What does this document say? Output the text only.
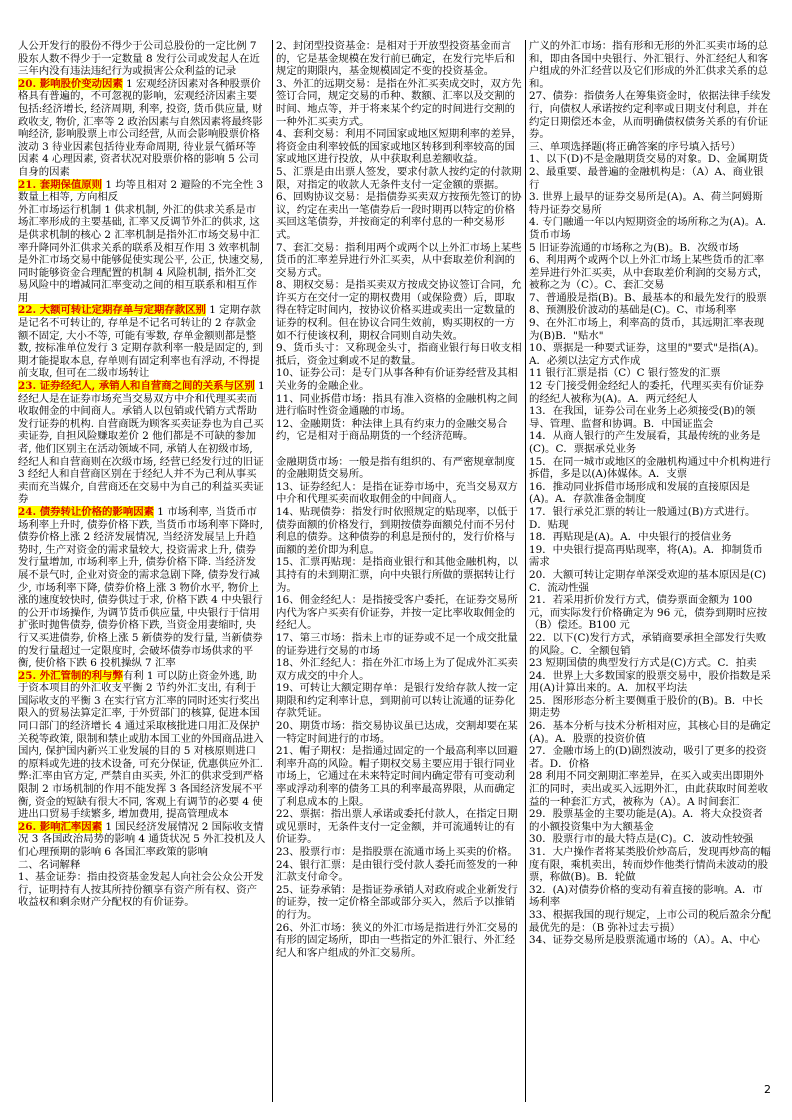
人公开发行的股份不得少于公司总股份的一定比例 7 股东人数不得少于一定数量 8 发行公司或发起人在近三年内没有违法违纪行为或损害公众利益的记录

20. 影响股价变动因素 1 宏观经济因素对各种股票价格具有普遍的，不可忽视的影响，宏观经济因素主要包括:经济增长, 经济周期, 利率, 投资, 货币供应量, 财政收支, 物价, 汇率等 2 政治因素与自然因素将最终影响经济, 影响股票上市公司经营, 从而会影响股票价格波动 3 待业因素包括待业寿命周期, 待业景气循环等因素 4 心理因素, 资者状况对股票价格的影响 5 公司自身的因素

21. 套期保值原则 1 均等且相对 2 避险的不完全性 3 数量上相等, 方向相反

外汇市场运行机制 1 供求机制, 外汇的供求关系是市场汇率形成的主要基础, 汇率又反调节外汇的供求, 这是供求机制的核心 2 汇率机制是指外汇市场交易中汇率升降同外汇供求关系的联系及相互作用 3 效率机制是外汇市场交易中能够促使实现公平, 公正, 快速交易, 同时能够资金合理配置的机制 4 风险机制, 指外汇交易风险中的增减同汇率变动之间的相互联系和相互作用

22. 大额可转让定期存单与定期存款区别 1 定期存款是记名不可转让的, 存单是不记名可转让的 2 存款金额不固定, 大小不等, 可能有零数, 存单金额则都是整数, 按标准单位发行 3 定期存款利率一般是固定的, 到期才能提取本息, 存单则有固定利率也有浮动, 不得提前支取, 但可在二级市场转让

23. 证券经纪人, 承销人和自营商之间的关系与区别 1 经纪人是在证券市场充当交易双方中介和代理买卖而收取佣金的中间商人。承销人以包销或代销方式帮助发行证券的机构. 自营商既为顾客买卖证券也为自己买卖证券, 自担风险赚取差价 2 他们都是不可缺的参加者, 他们区别主在活动领域不同, 承销人在初级市场, 经纪人和自营商则在次级市场, 经营已经发行过的旧证 3 经纪人和自营商区别在于经纪人并不为己利从事买卖而充当媒介, 自营商还在交易中为自己的利益买卖证券

24. 债券转让价格的影响因素 1 市场利率, 当货币市场利率上升时, 债券价格下跌, 当货币市场利率下降时, 债券价格上涨 2 经济发展情况, 当经济发展呈上升趋势时, 生产对资金的需求量较大, 投资需求上升, 债券发行量增加, 市场利率上升, 债券价格下降. 当经济发展不景气时, 企业对资金的需求急剧下降, 债券发行减少, 市场利率下降, 债券价格上涨 3 物价水平, 物价上涨的速度较快时, 债券供过于求, 价格下跌 4 中央银行的公开市场操作, 为调节货币供应量, 中央银行于信用扩张时抛售债券, 债券价格下跌, 当资金用妻缩时, 央行又买进债券, 价格上涨 5 新债券的发行量, 当新债券的发行量超过一定限度时, 会破坏债券市场供求的平衡, 使价格下跌 6 投机操纵 7 汇率

25. 外汇管制的利与弊有利 1 可以防止资金外逃, 助于资本项目的外汇收支平衡 2 节约外汇支出, 有利于国际收支的平衡 3 在实行官方汇率的同时还实行奖出限入的贸易法算定汇率, 于外贸部门的核算, 促进本国同口部门的经济增长 4 通过采取核批进口用汇及保护关税等政策, 限制和禁止或肋本国工业的外国商品进入国内, 保护国内新兴工业发展的目的 5 对核原则进口的原料或先进的技术设备, 可充分保证, 优惠供应外汇. 弊:汇率由官方定, 严禁自由买卖, 外汇的供求受到严格限制 2 市场机制的作用不能发挥 3 各国经济发展不平衡, 资金的短缺有很大不同, 客观上有调节的必要 4 使进出口贸易手续繁多, 增加费用, 提高管理成本

26. 影响汇率因素 1 国民经济发展情况 2 国际收支情况 3 各国政治局势的影响 4 通货状况 5 外汇投机及人们心理预期的影响 6 各国汇率政策的影响

二、名词解释

1、基金证券：指由投资基金发起人向社会公众公开发行，证明持有人按其所持份额享有资产所有权、资产收益权和剩余财产分配权的有价证券。

2、封闭型投资基金：是相对于开放型投资基金而言的，它是基金规模在发行前已确定，在发行完毕后和规定的期限内，基金规模固定不变的投资基金。

3、外汇的远期交易：是指在外汇买卖成交时，双方先签订合同，规定交易的币种、数额、汇率以及交割的时间、地点等，并于将来某个约定的时间进行交割的一种外汇买卖方式。

4、套利交易：利用不同国家或地区短期利率的差异，将资金由利率较低的国家或地区转移到利率较高的国家或地区进行投放，从中获取利息差额收益。

5、汇票是由出票人签发，要求付款人按约定的付款期限，对指定的收款人无条件支付一定金额的票据。

6、回购协议交易：是指债券买卖双方按预先签订的协议，约定在卖出一笔债券后一段时期再以特定的价格买回这笔债券，并按商定的利率付息的一种交易形式。

7、套汇交易：指利用两个或两个以上外汇市场上某些货币的汇率差异进行外汇买卖，从中套取差价利润的交易方式。

8、期权交易：是指买卖双方按成交协议签订合同，允许买方在交付一定的期权费用（或保险费）后，即取得在特定时间内，按协议价格买进或卖出一定数量的证券的权利。但在协议合同生效前，购买期权的一方如不行使该权利，期权合同则自动失效。

9、货币头寸：又称现金头寸，指商业银行每日收支相抵后，资金过剩或不足的数量。

10、证券公司：是专门从事各种有价证券经营及其相关业务的金融企业。

11、同业拆借市场：指具有准入资格的金融机构之间进行临时性资金通融的市场。

12、金融期货：种法律上具有约束力的金融交易合约，它是相对于商品期货的一个经济范畴。

金融期货市场：一般是指有组织的、有严密规章制度的金融期货交易所。

13、证券经纪人：是指在证券市场中，充当交易双方中介和代理买卖而收取佣金的中间商人。

14、贴现债券：指发行时依照规定的贴现率，以低于债券面额的价格发行，到期按债券面额兑付而不另付利息的债券。这种债券的利息是预付的，发行价格与面额的差价即为利息。

15、汇票再贴现：是指商业银行和其他金融机构，以其持有的未到期汇票，向中央银行所做的票据转让行为。

16、佣金经纪人：是指接受客户委托，在证券交易所内代为客户买卖有价证券，并按一定比率收取佣金的经纪人。

17、第三市场：指未上市的证券或不足一个成交批量的证券进行交易的市场

18、外汇经纪人：指在外汇市场上为了促成外汇买卖双方成交的中介人。

19、可转让大额定期存单：是银行发给存款人按一定期限和约定利率计息，到期前可以转让流通的证券化存款凭证。

20、期货市场：指交易协议虽已达成，交割却要在某一特定时间进行的市场。

21、帽子期权：是指通过固定的一个最高利率以回避利率升高的风险。帽子期权交易主要应用于银行同业市场上，它通过在未来特定时间内确定带有可变动利率或浮动利率的债务工具的利率最高界限，从而确定了利息成本的上限。

22、票据：指出票人承诺或委托付款人，在指定日期或见票时，无条件支付一定金额，并可流通转让的有价证券。

23、股票行市：是指股票在流通市场上买卖的价格。

24、银行汇票：是由银行受付款人委托而签发的一种汇款支付命令。

25、证券承销：是指证券承销人对政府或企业新发行的证券，按一定价格全部或部分买入，然后予以推销的行为。

26、外汇市场：狭义的外汇市场是指进行外汇交易的有形的固定场所，即由一些指定的外汇银行、外汇经纪人和客户组成的外汇交易所。

广义的外汇市场：指有形和无形的外汇买卖市场的总和，即由各国中央银行、外汇银行、外汇经纪人和客户组成的外汇经营以及它们形成的外汇供求关系的总和。

27、债券：指债务人在筹集资金时，依据法律手续发行，向债权人承诺按约定利率或日期支付利息，并在约定日期偿还本金，从而明确债权债务关系的有价证券。

三、单项选择题(将正确答案的序号填入括号）

1、以下(D)不是金融期货交易的对象。D、金属期货

2、最重要、最普遍的金融机构是：（A）A、商业银行

3. 世界上最早的证券交易所是(A)。A、荷兰阿姆斯特丹证券交易所

4. 专门融通一年以内短期资金的场所称之为(A)。A. 货币市场

5 旧证券流通的市场称之为(B)。B．次级市场

6、利用两个或两个以上外汇市场上某些货币的汇率差异进行外汇买卖，从中套取差价利润的交易方式，被称之为（C）。C、套汇交易

7、普通股是指(B)。B、最基本的和最先发行的股票

8、预测股价波动的基础是(C)。C、市场利率

9、在外汇市场上，利率高的货币，其远期汇率表现为(B)B．"贴水"

10、票据是一种要式证券，这里的"要式"是指(A)。A．必须以法定方式作成

11 银行汇票是指（C）C 银行签发的汇票

12 专门接受佣金经纪人的委托，代理买卖有价证券的经纪人被称为(A)。A．两元经纪人

13．在我国，证券公司在业务上必须接受(B)的领导、管理、监督和协调。B．中国证监会

14．从商人银行的产生发展看，其最传统的业务是(C)。C．票据承兑业务

15．在同一城市或地区的金融机构通过中介机构进行拆借，多是以(A)体媒体。A．支票

16．推动同业拆借市场形成和发展的直接原因是(A)。A．存款准备金制度

17．银行承兑汇票的转让一般通过(B)方式进行。D．贴现

18．再贴现是(A)。A．中央银行的授信业务

19．中央银行提高再贴现率，将(A)。A．抑制货币需求

20．大额可转让定期存单深受欢迎的基本原因是(C)C．流动性强

21．若采用折价发行方式，债券票面金额为 100 元，而实际发行价格确定为 96 元，债券到期时应按（B）偿还。B100 元

22．以下(C)发行方式，承销商要承担全部发行失败的风险。C．全额包销

23 短期国债的典型发行方式是(C)方式。C．拍卖

24．世界上大多数国家的股票交易中，股价指数是采用(A)计算出来的。A．加权平均法

25．图形形态分析主要侧重于股价的(B)。B．中长期走势

26．基本分析与技术分析相对应，其核心目的是确定(A)。A．股票的投资价值

27．金融市场上的(D)剧烈波动，吸引了更多的投资者。D．价格

28 利用不同交割期汇率差异，在买入或卖出即期外汇的同时，卖出或买入远期外汇，由此获取时间差收益的一种套汇方式，被称为（A）。A 时间套汇

29．股票基金的主要功能是(A)。A．将大众投资者的小额投资集中为大额基金

30．股票行市的最大特点是(C)。C．波动性较强

31．大户操作者将某类股价炒高后，发现再炒高的幅度有限，乘机卖出，转而炒作他类行情尚未波动的股票，称做(B)。B．轮做

32．(A)对债券价格的变动有着直接的影响。A．市场利率

33、根据我国的现行规定，上市公司的税后盈余分配最优先的是：（B 弥补过去亏损）

34、证券交易所是股票流通市场的（A）。A、中心

2
